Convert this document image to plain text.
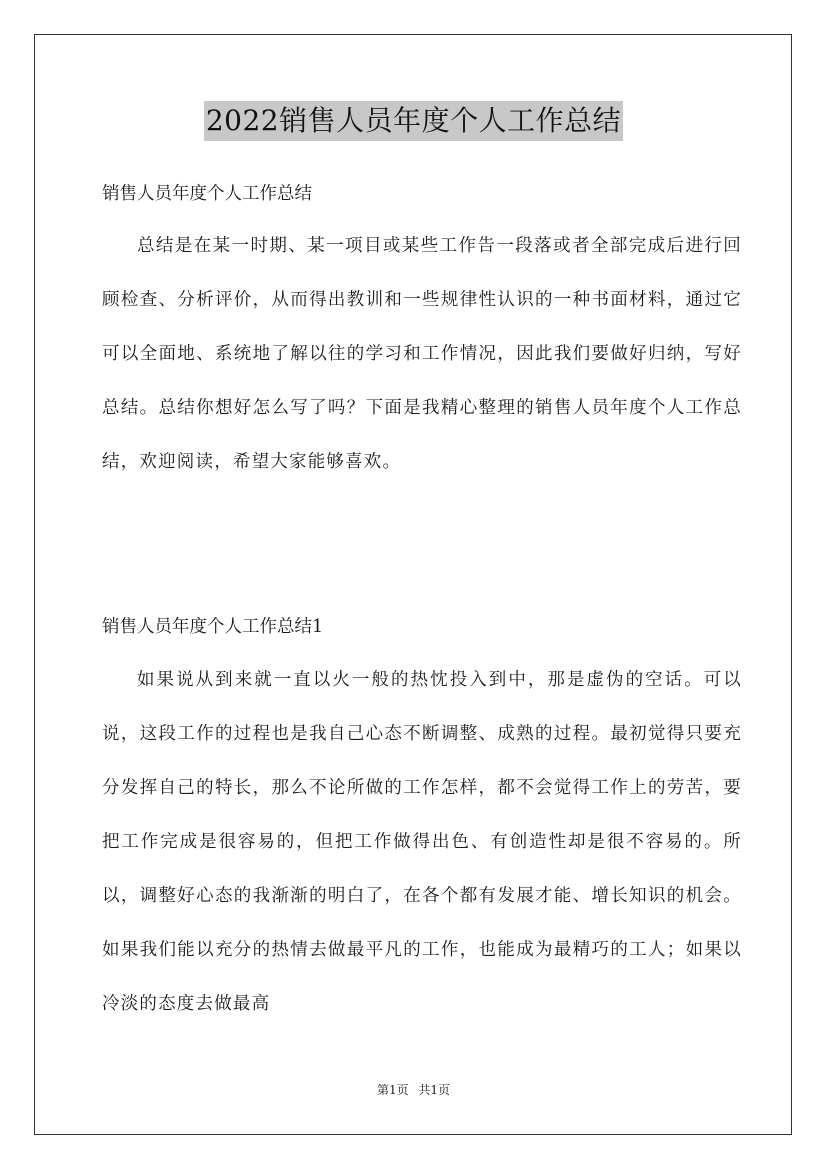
2022销售人员年度个人工作总结
销售人员年度个人工作总结

总结是在某一时期、某一项目或某些工作告一段落或者全部完成后进行回顾检查、分析评价，从而得出教训和一些规律性认识的一种书面材料，通过它可以全面地、系统地了解以往的学习和工作情况，因此我们要做好归纳，写好总结。总结你想好怎么写了吗？下面是我精心整理的销售人员年度个人工作总结，欢迎阅读，希望大家能够喜欢。

销售人员年度个人工作总结1

如果说从到来就一直以火一般的热忱投入到中，那是虚伪的空话。可以说，这段工作的过程也是我自己心态不断调整、成熟的过程。最初觉得只要充分发挥自己的特长，那么不论所做的工作怎样，都不会觉得工作上的劳苦，要把工作完成是很容易的，但把工作做得出色、有创造性却是很不容易的。所以，调整好心态的我渐渐的明白了，在各个都有发展才能、增长知识的机会。如果我们能以充分的热情去做最平凡的工作，也能成为最精巧的工人；如果以冷淡的态度去做最高

第1页 共1页
